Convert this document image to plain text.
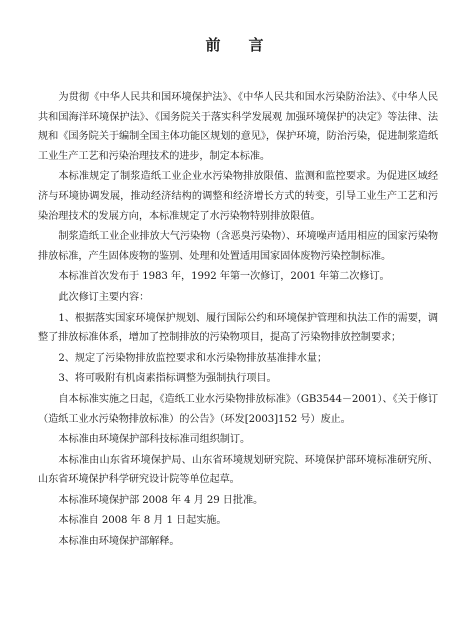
前 言

为贯彻《中华人民共和国环境保护法》、《中华人民共和国水污染防治法》、《中华人民共和国海洋环境保护法》、《国务院关于落实科学发展观 加强环境保护的决定》等法律、法规和《国务院关于编制全国主体功能区规划的意见》，保护环境，防治污染，促进制浆造纸工业生产工艺和污染治理技术的进步，制定本标准。

本标准规定了制浆造纸工业企业水污染物排放限值、监测和监控要求。为促进区域经济与环境协调发展，推动经济结构的调整和经济增长方式的转变，引导工业生产工艺和污染治理技术的发展方向，本标准规定了水污染物特别排放限值。

制浆造纸工业企业排放大气污染物（含恶臭污染物）、环境噪声适用相应的国家污染物排放标准，产生固体废物的鉴别、处理和处置适用国家固体废物污染控制标准。

本标准首次发布于 1983 年，1992 年第一次修订，2001 年第二次修订。

此次修订主要内容：

1、根据落实国家环境保护规划、履行国际公约和环境保护管理和执法工作的需要，调整了排放标准体系，增加了控制排放的污染物项目，提高了污染物排放控制要求；

2、规定了污染物排放监控要求和水污染物排放基准排水量；

3、将可吸附有机卤素指标调整为强制执行项目。

自本标准实施之日起，《造纸工业水污染物排放标准》（GB3544－2001）、《关于修订（造纸工业水污染物排放标准）的公告》（环发[2003]152 号）废止。

本标准由环境保护部科技标准司组织制订。

本标准由山东省环境保护局、山东省环境规划研究院、环境保护部环境标准研究所、山东省环境保护科学研究设计院等单位起草。

本标准环境保护部 2008 年 4 月 29 日批准。

本标准自 2008 年 8 月 1 日起实施。

本标准由环境保护部解释。
